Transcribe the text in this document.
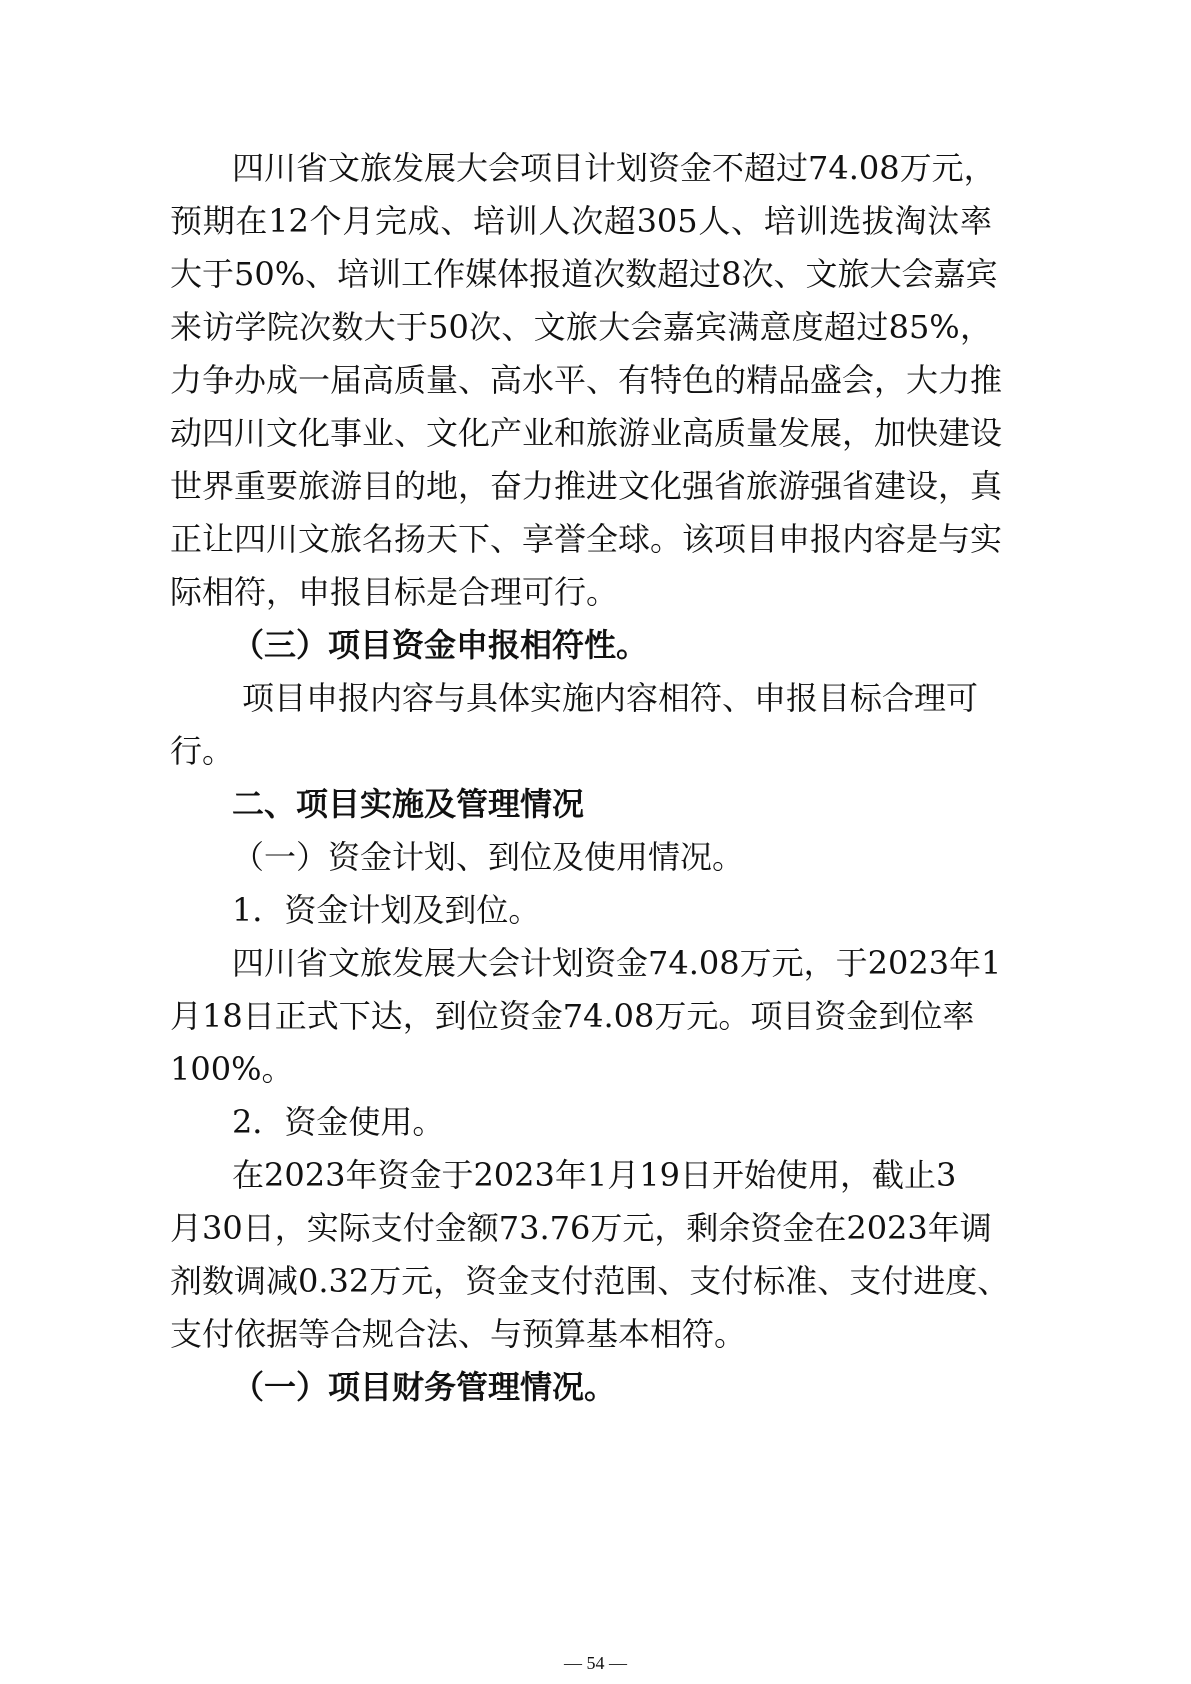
四川省文旅发展大会项目计划资金不超过74.08万元，
预期在12个月完成、培训人次超305人、培训选拔淘汰率
大于50%、培训工作媒体报道次数超过8次、文旅大会嘉宾
来访学院次数大于50次、文旅大会嘉宾满意度超过85%，
力争办成一届高质量、高水平、有特色的精品盛会，大力推
动四川文化事业、文化产业和旅游业高质量发展，加快建设
世界重要旅游目的地，奋力推进文化强省旅游强省建设，真
正让四川文旅名扬天下、享誉全球。该项目申报内容是与实
际相符，申报目标是合理可行。
（三）项目资金申报相符性。
项目申报内容与具体实施内容相符、申报目标合理可
行。
二、项目实施及管理情况
（一）资金计划、到位及使用情况。
1．资金计划及到位。
四川省文旅发展大会计划资金74.08万元，于2023年1
月18日正式下达，到位资金74.08万元。项目资金到位率
100%。
2．资金使用。
在2023年资金于2023年1月19日开始使用，截止3
月30日，实际支付金额73.76万元，剩余资金在2023年调
剂数调减0.32万元，资金支付范围、支付标准、支付进度、
支付依据等合规合法、与预算基本相符。
（一）项目财务管理情况。
— 54 —
